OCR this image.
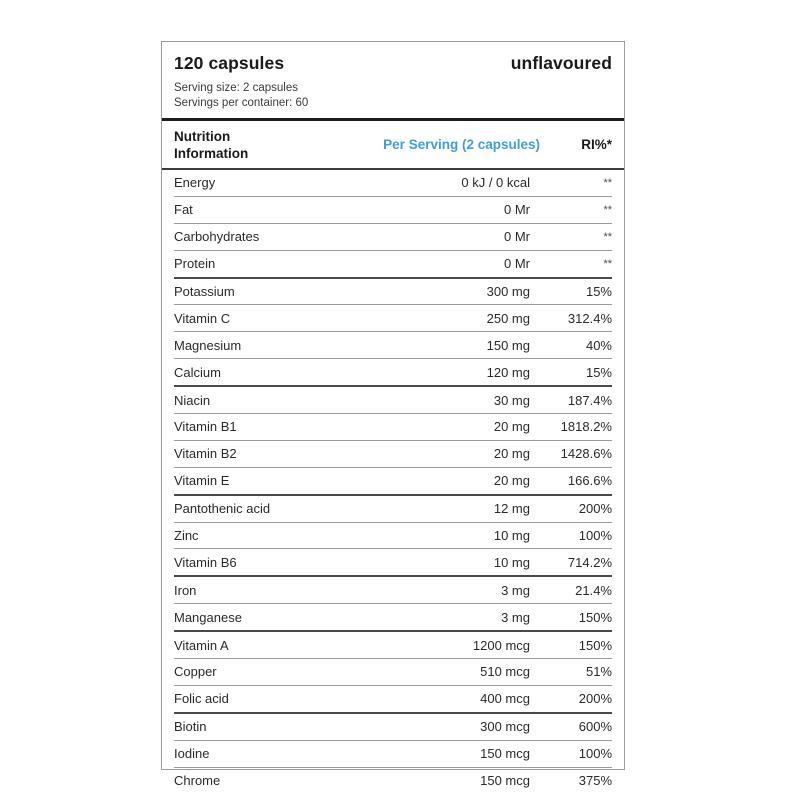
120 capsules	unflavoured
Serving size: 2 capsules
Servings per container: 60
Nutrition
Information
Per Serving (2 capsules)	RI%*
Energy	0 kJ / 0 kcal	**
Fat	0 Mr	**
Carbohydrates	0 Mr	**
Protein	0 Mr	**
Potassium	300 mg	15%
Vitamin C	250 mg	312.4%
Magnesium	150 mg	40%
Calcium	120 mg	15%
Niacin	30 mg	187.4%
Vitamin B1	20 mg	1818.2%
Vitamin B2	20 mg	1428.6%
Vitamin E	20 mg	166.6%
Pantothenic acid	12 mg	200%
Zinc	10 mg	100%
Vitamin B6	10 mg	714.2%
Iron	3 mg	21.4%
Manganese	3 mg	150%
Vitamin A	1200 mcg	150%
Copper	510 mcg	51%
Folic acid	400 mcg	200%
Biotin	300 mcg	600%
Iodine	150 mcg	100%
Chrome	150 mcg	375%
